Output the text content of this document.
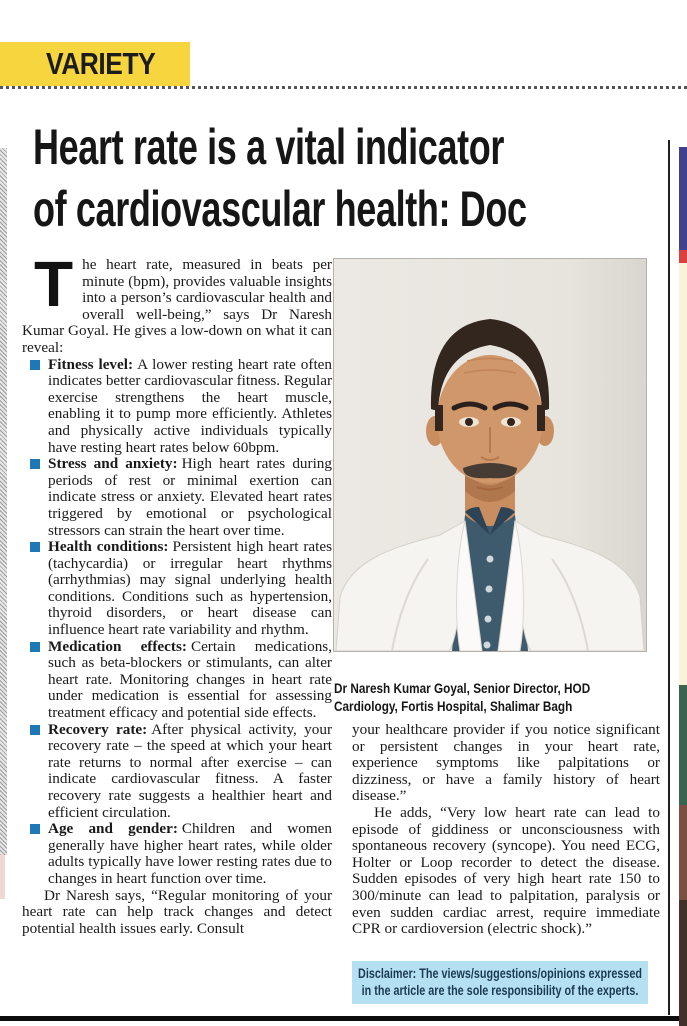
VARIETY
Heart rate is a vital indicator
of cardiovascular health: Doc

The heart rate, measured in beats per minute (bpm), provides valuable insights into a person’s cardiovascular health and overall well-being,” says Dr Naresh Kumar Goyal. He gives a low-down on what it can reveal:

Fitness level: A lower resting heart rate often indicates better cardiovascular fitness. Regular exercise strengthens the heart muscle, enabling it to pump more efficiently. Athletes and physically active individuals typically have resting heart rates below 60bpm.
Stress and anxiety: High heart rates during periods of rest or minimal exertion can indicate stress or anxiety. Elevated heart rates triggered by emotional or psychological stressors can strain the heart over time.
Health conditions: Persistent high heart rates (tachycardia) or irregular heart rhythms (arrhythmias) may signal underlying health conditions. Conditions such as hypertension, thyroid disorders, or heart disease can influence heart rate variability and rhythm.
Medication effects: Certain medications, such as beta-blockers or stimulants, can alter heart rate. Monitoring changes in heart rate under medication is essential for assessing treatment efficacy and potential side effects.
Recovery rate: After physical activity, your recovery rate – the speed at which your heart rate returns to normal after exercise – can indicate cardiovascular fitness. A faster recovery rate suggests a healthier heart and efficient circulation.
Age and gender: Children and women generally have higher heart rates, while older adults typically have lower resting rates due to changes in heart function over time.

Dr Naresh says, “Regular monitoring of your heart rate can help track changes and detect potential health issues early. Consult

Dr Naresh Kumar Goyal, Senior Director, HOD Cardiology, Fortis Hospital, Shalimar Bagh

your healthcare provider if you notice significant or persistent changes in your heart rate, experience symptoms like palpitations or dizziness, or have a family history of heart disease.”

He adds, “Very low heart rate can lead to episode of giddiness or unconsciousness with spontaneous recovery (syncope). You need ECG, Holter or Loop recorder to detect the disease. Sudden episodes of very high heart rate 150 to 300/minute can lead to palpitation, paralysis or even sudden cardiac arrest, require immediate CPR or cardioversion (electric shock).”

Disclaimer: The views/suggestions/opinions expressed in the article are the sole responsibility of the experts.
